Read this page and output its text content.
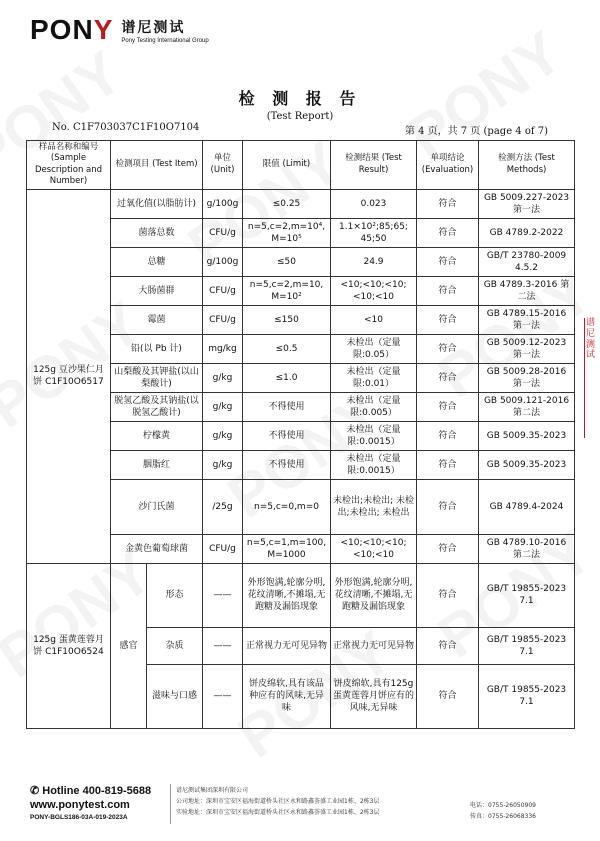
PONY 谱尼测试
Pony Testing International Group
检 测 报 告
(Test Report)
No. C1F703037C1F10O7104	第 4 页，共 7 页 (page 4 of 7)
样品名称和编号 (Sample Description and Number)	检测项目 (Test Item)		单位 (Unit)	限值 (Limit)	检测结果 (Test Result)	单项结论 (Evaluation)	检测方法 (Test Methods)
125g 豆沙果仁月饼 C1F10O6517	过氧化值(以脂肪计)		g/100g	≤0.25	0.023	符合	GB 5009.227-2023 第一法
	菌落总数		CFU/g	n=5,c=2,m=10⁴, M=10⁵	1.1×10²;85;65; 45;50	符合	GB 4789.2-2022
	总糖		g/100g	≤50	24.9	符合	GB/T 23780-2009 4.5.2
	大肠菌群		CFU/g	n=5,c=2,m=10, M=10²	<10;<10;<10; <10;<10	符合	GB 4789.3-2016 第二法
	霉菌		CFU/g	≤150	<10	符合	GB 4789.15-2016 第一法
	铅(以 Pb 计)		mg/kg	≤0.5	未检出（定量限:0.05）	符合	GB 5009.12-2023 第一法
	山梨酸及其钾盐(以山梨酸计)		g/kg	≤1.0	未检出（定量限:0.01）	符合	GB 5009.28-2016 第一法
	脱氢乙酸及其钠盐(以脱氢乙酸计)		g/kg	不得使用	未检出（定量限:0.005）	符合	GB 5009.121-2016 第二法
	柠檬黄		g/kg	不得使用	未检出（定量限:0.0015）	符合	GB 5009.35-2023
	胭脂红		g/kg	不得使用	未检出（定量限:0.0015）	符合	GB 5009.35-2023
	沙门氏菌		/25g	n=5,c=0,m=0	未检出;未检出; 未检出;未检出; 未检出	符合	GB 4789.4-2024
	金黄色葡萄球菌		CFU/g	n=5,c=1,m=100, M=1000	<10;<10;<10; <10;<10	符合	GB 4789.10-2016 第二法
125g 蛋黄莲蓉月饼 C1F10O6524	感官	形态	——	外形饱满,轮廓分明,花纹清晰,不摊塌,无跑糖及漏馅现象	外形饱满,轮廓分明,花纹清晰,不摊塌,无跑糖及漏馅现象	符合	GB/T 19855-2023 7.1
		杂质	——	正常视力无可见异物	正常视力无可见异物	符合	GB/T 19855-2023 7.1
		滋味与口感	——	饼皮绵软,具有该品种应有的风味,无异味	饼皮绵软,具有125g 蛋黄莲蓉月饼应有的风味,无异味	符合	GB/T 19855-2023 7.1
谱尼测试
✆ Hotline 400-819-5688
www.ponytest.com
PONY-BGLS186-03A-019-2023A
谱尼测试集团深圳有限公司
公司地址：深圳市宝安区福海街道桥头社区永和路鑫荟盛工业园1栋、2栋3层
实验地址：深圳市宝安区福海街道桥头社区永和路鑫荟盛工业园1栋、2栋3层
电话：0755-26050909
传真：0755-26068336
